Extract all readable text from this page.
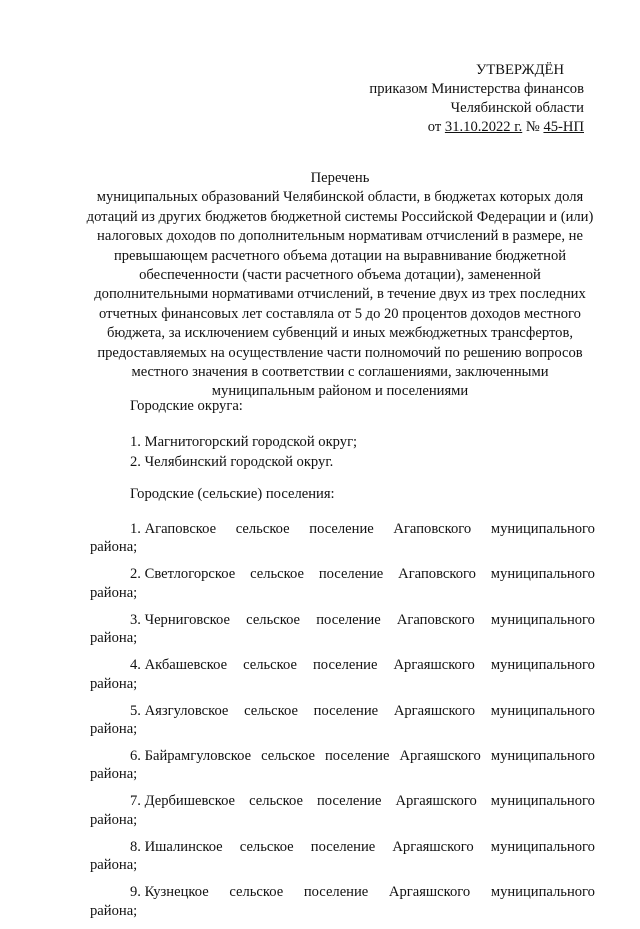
УТВЕРЖДЁН
приказом Министерства финансов
Челябинской области
от 31.10.2022 г. № 45-НП
Перечень
муниципальных образований Челябинской области, в бюджетах которых доля дотаций из других бюджетов бюджетной системы Российской Федерации и (или) налоговых доходов по дополнительным нормативам отчислений в размере, не превышающем расчетного объема дотации на выравнивание бюджетной обеспеченности (части расчетного объема дотации), замененной дополнительными нормативами отчислений, в течение двух из трех последних отчетных финансовых лет составляла от 5 до 20 процентов доходов местного бюджета, за исключением субвенций и иных межбюджетных трансфертов, предоставляемых на осуществление части полномочий по решению вопросов местного значения в соответствии с соглашениями, заключенными муниципальным районом и поселениями
Городские округа:
1. Магнитогорский городской округ;
2. Челябинский городской округ.
Городские (сельские) поселения:
1. Агаповское сельское поселение Агаповского муниципального
района;
2. Светлогорское сельское поселение Агаповского муниципального
района;
3. Черниговское сельское поселение Агаповского муниципального
района;
4. Акбашевское сельское поселение Аргаяшского муниципального
района;
5. Аязгуловское сельское поселение Аргаяшского муниципального
района;
6. Байрамгуловское сельское поселение Аргаяшского муниципального
района;
7. Дербишевское сельское поселение Аргаяшского муниципального
района;
8. Ишалинское сельское поселение Аргаяшского муниципального
района;
9. Кузнецкое сельское поселение Аргаяшского муниципального
района;
